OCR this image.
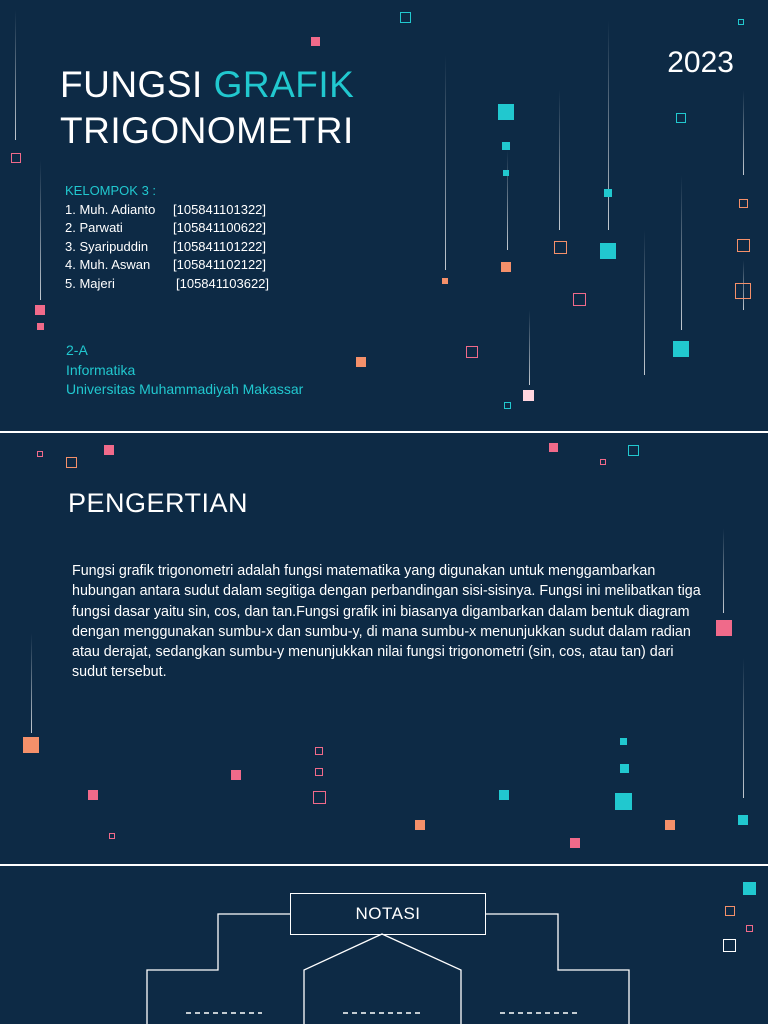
FUNGSI GRAFIK
TRIGONOMETRI
2023
KELOMPOK 3 :
1. Muh. Adianto [105841101322]
2. Parwati	[105841100622]
3. Syaripuddin [105841101222]
4. Muh. Aswan [105841102122]
5. Majeri	[105841103622]
2-A
Informatika
Universitas Muhammadiyah Makassar
PENGERTIAN
Fungsi grafik trigonometri adalah fungsi matematika yang digunakan untuk menggambarkan hubungan antara sudut dalam segitiga dengan perbandingan sisi-sisinya. Fungsi ini melibatkan tiga fungsi dasar yaitu sin, cos, dan tan.Fungsi grafik ini biasanya digambarkan dalam bentuk diagram dengan menggunakan sumbu-x dan sumbu-y, di mana sumbu-x menunjukkan sudut dalam radian atau derajat, sedangkan sumbu-y menunjukkan nilai fungsi trigonometri (sin, cos, atau tan) dari sudut tersebut.
NOTASI
